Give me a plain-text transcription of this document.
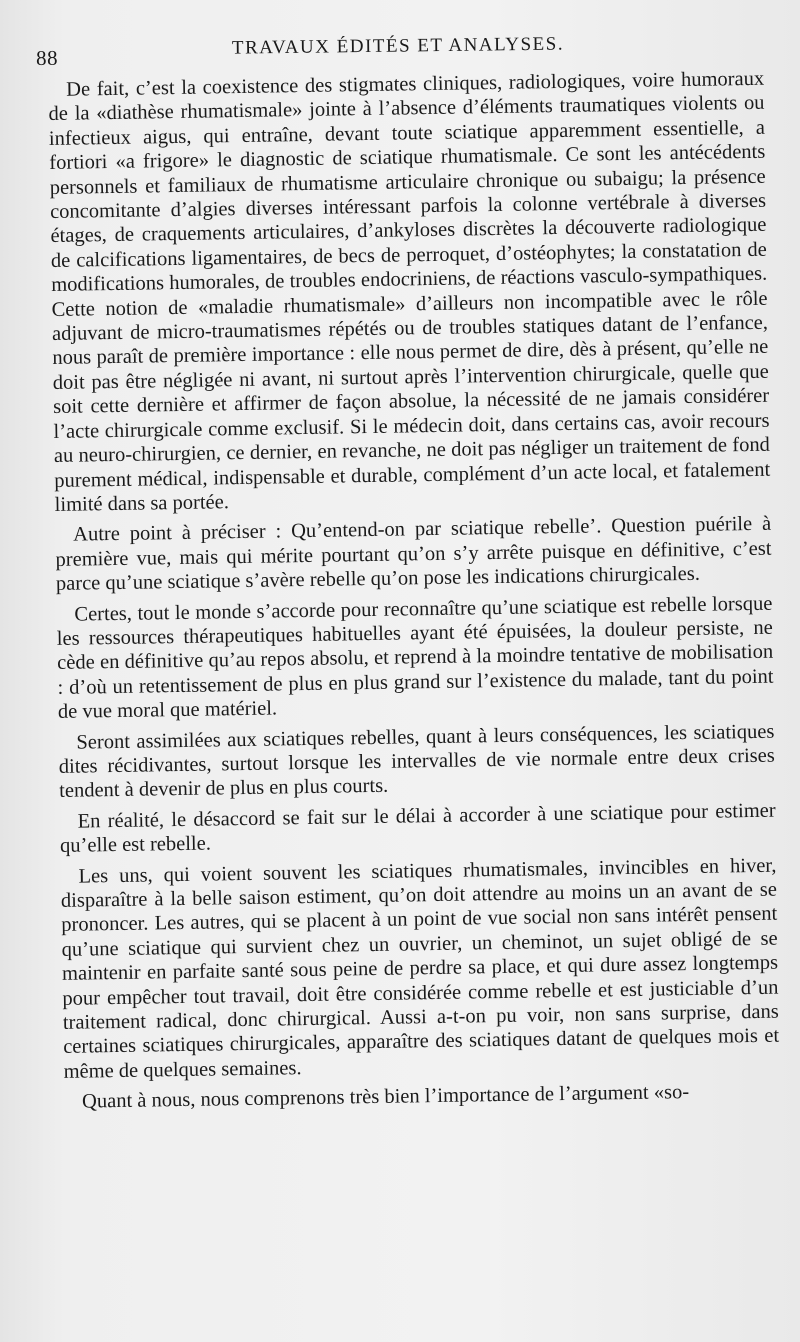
88	TRAVAUX ÉDITÉS ET ANALYSES.

De fait, c’est la coexistence des stigmates cliniques, radiologiques, voire humoraux de la «diathèse rhumatismale» jointe à l’absence d’éléments traumatiques violents ou infectieux aigus, qui entraîne, devant toute sciatique apparemment essentielle, a fortiori «a frigore» le diagnostic de sciatique rhumatismale. Ce sont les antécédents personnels et familiaux de rhumatisme articulaire chronique ou subaigu; la présence concomitante d’algies diverses intéressant parfois la colonne vertébrale à diverses étages, de craquements articulaires, d’ankyloses discrètes la découverte radiologique de calcifications ligamentaires, de becs de perroquet, d’ostéophytes; la constatation de modifications humorales, de troubles endocriniens, de réactions vasculo-sympathiques. Cette notion de «maladie rhumatismale» d’ailleurs non incompatible avec le rôle adjuvant de micro-traumatismes répétés ou de troubles statiques datant de l’enfance, nous paraît de première importance : elle nous permet de dire, dès à présent, qu’elle ne doit pas être négligée ni avant, ni surtout après l’intervention chirurgicale, quelle que soit cette dernière et affirmer de façon absolue, la nécessité de ne jamais considérer l’acte chirurgicale comme exclusif. Si le médecin doit, dans certains cas, avoir recours au neuro-chirurgien, ce dernier, en revanche, ne doit pas négliger un traitement de fond purement médical, indispensable et durable, complément d’un acte local, et fatalement limité dans sa portée.

Autre point à préciser : Qu’entend-on par sciatique rebelle’. Question puérile à première vue, mais qui mérite pourtant qu’on s’y arrête puisque en définitive, c’est parce qu’une sciatique s’avère rebelle qu’on pose les indications chirurgicales.

Certes, tout le monde s’accorde pour reconnaître qu’une sciatique est rebelle lorsque les ressources thérapeutiques habituelles ayant été épuisées, la douleur persiste, ne cède en définitive qu’au repos absolu, et reprend à la moindre tentative de mobilisation : d’où un retentissement de plus en plus grand sur l’existence du malade, tant du point de vue moral que matériel.

Seront assimilées aux sciatiques rebelles, quant à leurs conséquences, les sciatiques dites récidivantes, surtout lorsque les intervalles de vie normale entre deux crises tendent à devenir de plus en plus courts.

En réalité, le désaccord se fait sur le délai à accorder à une sciatique pour estimer qu’elle est rebelle.

Les uns, qui voient souvent les sciatiques rhumatismales, invincibles en hiver, disparaître à la belle saison estiment, qu’on doit attendre au moins un an avant de se prononcer. Les autres, qui se placent à un point de vue social non sans intérêt pensent qu’une sciatique qui survient chez un ouvrier, un cheminot, un sujet obligé de se maintenir en parfaite santé sous peine de perdre sa place, et qui dure assez longtemps pour empêcher tout travail, doit être considérée comme rebelle et est justiciable d’un traitement radical, donc chirurgical. Aussi a-t-on pu voir, non sans surprise, dans certaines sciatiques chirurgicales, apparaître des sciatiques datant de quelques mois et même de quelques semaines.

Quant à nous, nous comprenons très bien l’importance de l’argument «so-
